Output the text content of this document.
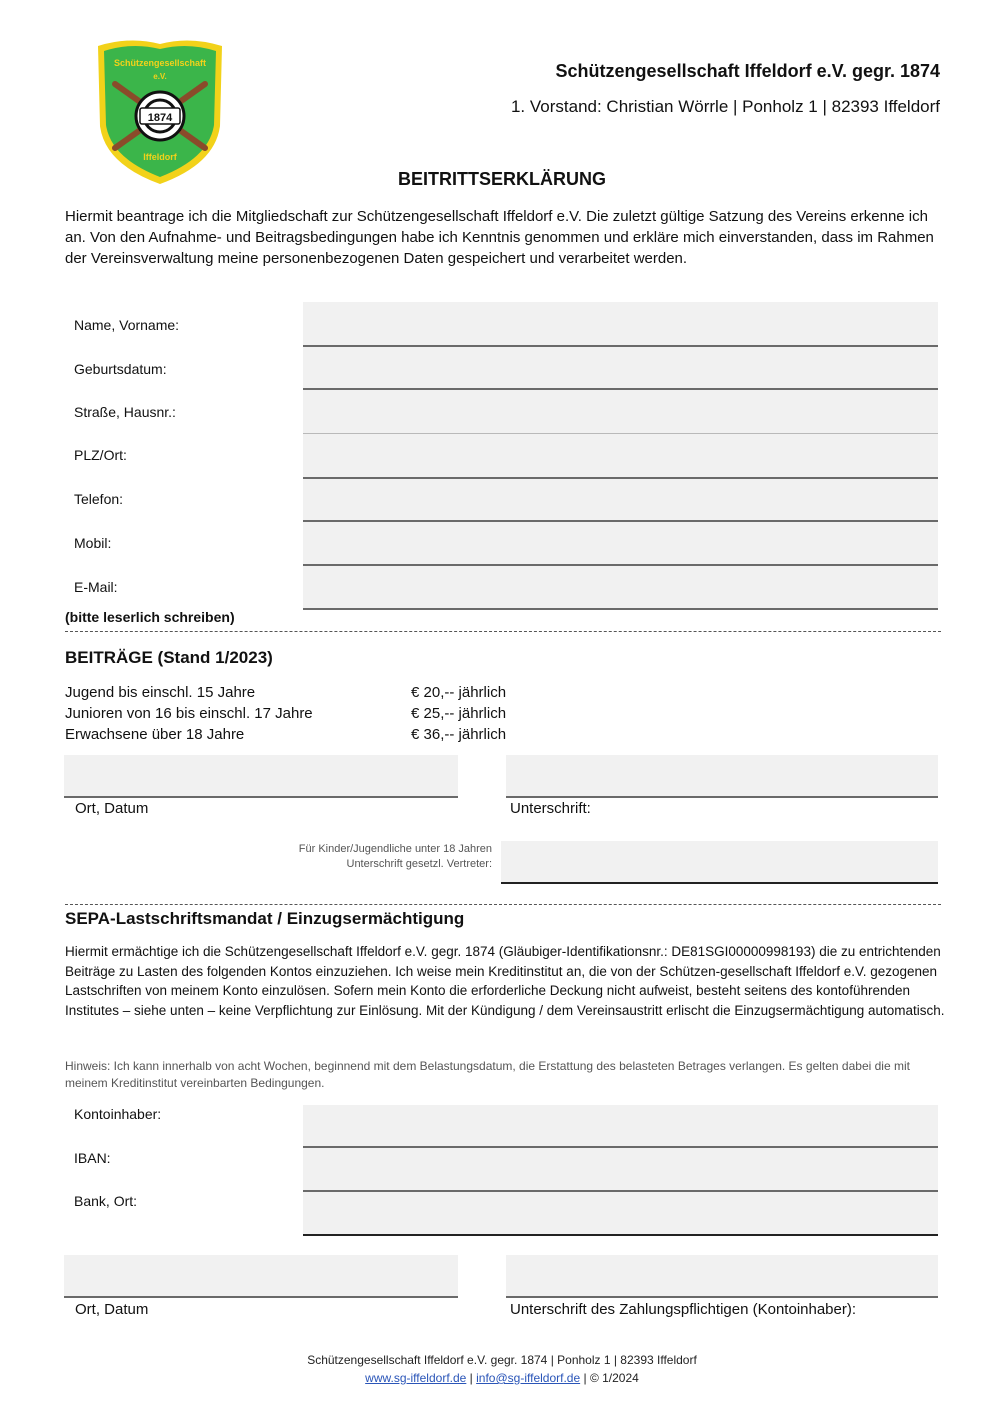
1874
Schützengesellschaft
e.V.
Iffeldorf
Schützengesellschaft Iffeldorf e.V. gegr. 1874
1. Vorstand: Christian Wörrle | Ponholz 1 | 82393 Iffeldorf
BEITRITTSERKLÄRUNG
Hiermit beantrage ich die Mitgliedschaft zur Schützengesellschaft Iffeldorf e.V. Die zuletzt gültige Satzung des Vereins erkenne ich an. Von den Aufnahme- und Beitragsbedingungen habe ich Kenntnis genommen und erkläre mich einverstanden, dass im Rahmen der Vereinsverwaltung meine personenbezogenen Daten gespeichert und verarbeitet werden.
Name, Vorname:
Geburtsdatum:
Straße, Hausnr.:
PLZ/Ort:
Telefon:
Mobil:
E-Mail:
(bitte leserlich schreiben)
BEITRÄGE (Stand 1/2023)
Jugend bis einschl. 15 Jahre	€ 20,-- jährlich
Junioren von 16 bis einschl. 17 Jahre	€ 25,-- jährlich
Erwachsene über 18 Jahre	€ 36,-- jährlich
Ort, Datum	Unterschrift:
Für Kinder/Jugendliche unter 18 Jahren
Unterschrift gesetzl. Vertreter:
SEPA-Lastschriftsmandat / Einzugsermächtigung
Hiermit ermächtige ich die Schützengesellschaft Iffeldorf e.V. gegr. 1874 (Gläubiger-Identifikationsnr.: DE81SGI00000998193) die zu entrichtenden Beiträge zu Lasten des folgenden Kontos einzuziehen. Ich weise mein Kreditinstitut an, die von der Schützen-gesellschaft Iffeldorf e.V. gezogenen Lastschriften von meinem Konto einzulösen. Sofern mein Konto die erforderliche Deckung nicht aufweist, besteht seitens des kontoführenden Institutes – siehe unten – keine Verpflichtung zur Einlösung. Mit der Kündigung / dem Vereinsaustritt erlischt die Einzugsermächtigung automatisch.
Hinweis: Ich kann innerhalb von acht Wochen, beginnend mit dem Belastungsdatum, die Erstattung des belasteten Betrages verlangen. Es gelten dabei die mit meinem Kreditinstitut vereinbarten Bedingungen.
Kontoinhaber:
IBAN:
Bank, Ort:
Ort, Datum	Unterschrift des Zahlungspflichtigen (Kontoinhaber):
Schützengesellschaft Iffeldorf e.V. gegr. 1874 | Ponholz 1 | 82393 Iffeldorf
www.sg-iffeldorf.de | info@sg-iffeldorf.de | © 1/2024
